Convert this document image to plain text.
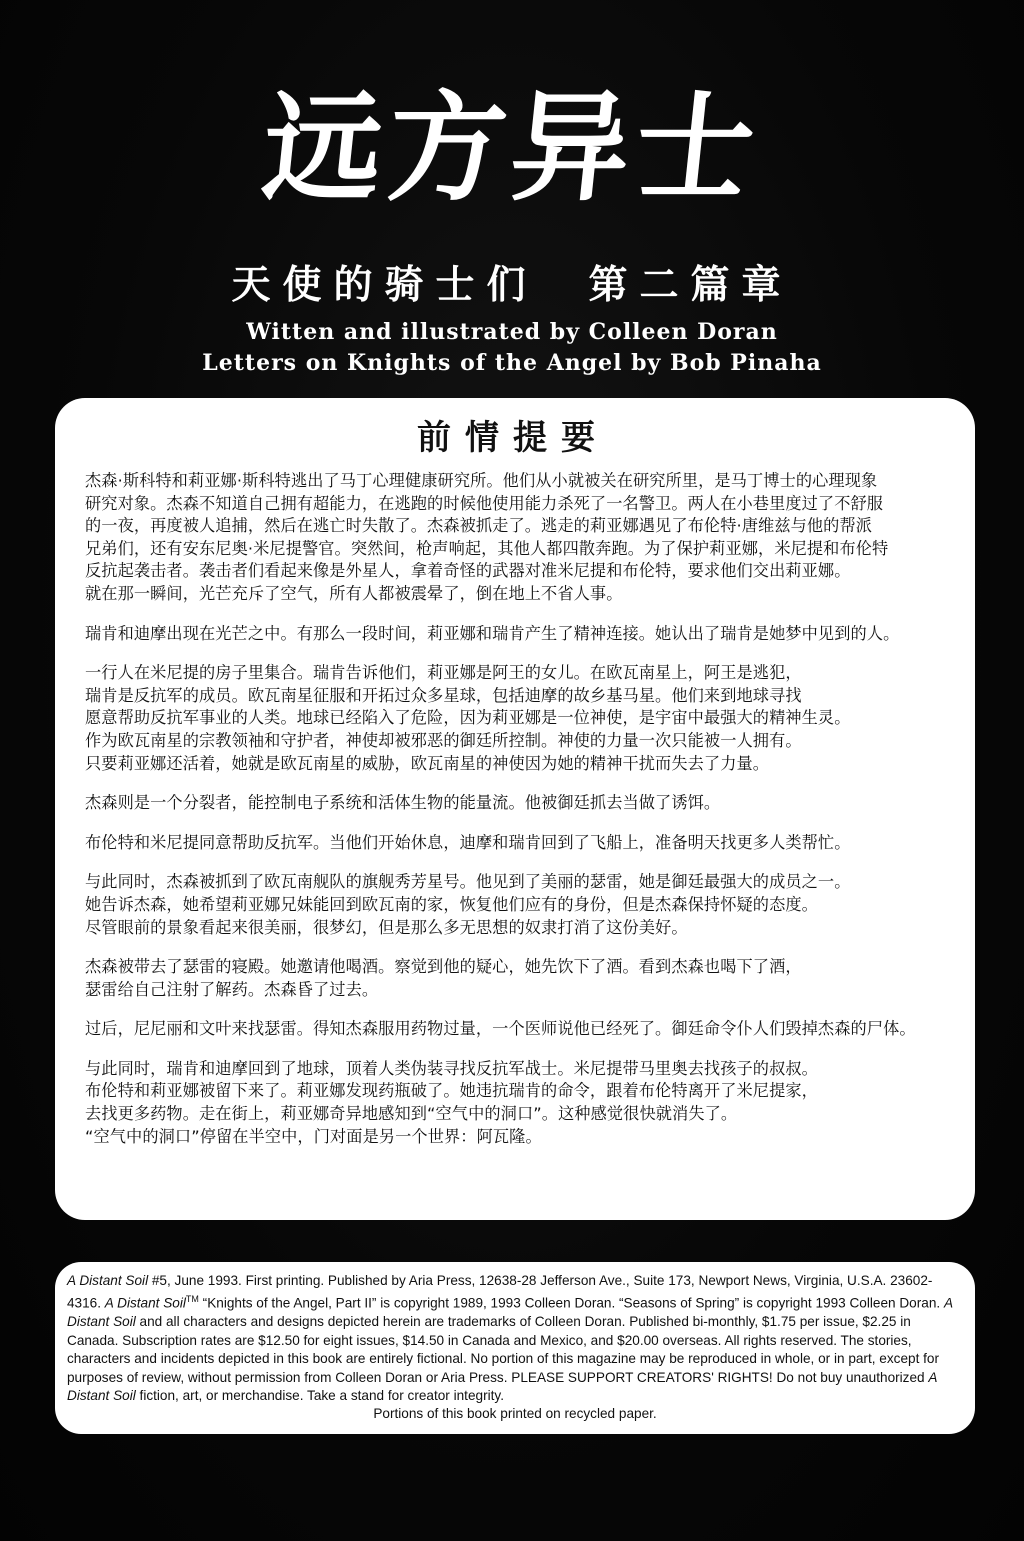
远方异士
天使的骑士们　第二篇章
Witten and illustrated by Colleen Doran
Letters on Knights of the Angel by Bob Pinaha
前情提要

杰森·斯科特和莉亚娜·斯科特逃出了马丁心理健康研究所。他们从小就被关在研究所里，是马丁博士的心理现象
研究对象。杰森不知道自己拥有超能力，在逃跑的时候他使用能力杀死了一名警卫。两人在小巷里度过了不舒服
的一夜，再度被人追捕，然后在逃亡时失散了。杰森被抓走了。逃走的莉亚娜遇见了布伦特·唐维兹与他的帮派
兄弟们，还有安东尼奥·米尼提警官。突然间，枪声响起，其他人都四散奔跑。为了保护莉亚娜，米尼提和布伦特
反抗起袭击者。袭击者们看起来像是外星人，拿着奇怪的武器对准米尼提和布伦特，要求他们交出莉亚娜。
就在那一瞬间，光芒充斥了空气，所有人都被震晕了，倒在地上不省人事。

瑞肯和迪摩出现在光芒之中。有那么一段时间，莉亚娜和瑞肯产生了精神连接。她认出了瑞肯是她梦中见到的人。

一行人在米尼提的房子里集合。瑞肯告诉他们，莉亚娜是阿王的女儿。在欧瓦南星上，阿王是逃犯，
瑞肯是反抗军的成员。欧瓦南星征服和开拓过众多星球，包括迪摩的故乡基马星。他们来到地球寻找
愿意帮助反抗军事业的人类。地球已经陷入了危险，因为莉亚娜是一位神使，是宇宙中最强大的精神生灵。
作为欧瓦南星的宗教领袖和守护者，神使却被邪恶的御廷所控制。神使的力量一次只能被一人拥有。
只要莉亚娜还活着，她就是欧瓦南星的威胁，欧瓦南星的神使因为她的精神干扰而失去了力量。

杰森则是一个分裂者，能控制电子系统和活体生物的能量流。他被御廷抓去当做了诱饵。

布伦特和米尼提同意帮助反抗军。当他们开始休息，迪摩和瑞肯回到了飞船上，准备明天找更多人类帮忙。

与此同时，杰森被抓到了欧瓦南舰队的旗舰秀芳星号。他见到了美丽的瑟雷，她是御廷最强大的成员之一。
她告诉杰森，她希望莉亚娜兄妹能回到欧瓦南的家，恢复他们应有的身份，但是杰森保持怀疑的态度。
尽管眼前的景象看起来很美丽，很梦幻，但是那么多无思想的奴隶打消了这份美好。

杰森被带去了瑟雷的寝殿。她邀请他喝酒。察觉到他的疑心，她先饮下了酒。看到杰森也喝下了酒，
瑟雷给自己注射了解药。杰森昏了过去。

过后，尼尼丽和文叶来找瑟雷。得知杰森服用药物过量，一个医师说他已经死了。御廷命令仆人们毁掉杰森的尸体。

与此同时，瑞肯和迪摩回到了地球，顶着人类伪装寻找反抗军战士。米尼提带马里奥去找孩子的叔叔。
布伦特和莉亚娜被留下来了。莉亚娜发现药瓶破了。她违抗瑞肯的命令，跟着布伦特离开了米尼提家，
去找更多药物。走在街上，莉亚娜奇异地感知到“空气中的洞口”。这种感觉很快就消失了。
“空气中的洞口”停留在半空中，门对面是另一个世界：阿瓦隆。

A Distant Soil #5, June 1993. First printing. Published by Aria Press, 12638-28 Jefferson Ave., Suite 173, Newport News, Virginia, U.S.A. 23602-4316. A Distant Soil™ “Knights of the Angel, Part II” is copyright 1989, 1993 Colleen Doran. “Seasons of Spring” is copyright 1993 Colleen Doran. A Distant Soil and all characters and designs depicted herein are trademarks of Colleen Doran. Published bi-monthly, $1.75 per issue, $2.25 in Canada. Subscription rates are $12.50 for eight issues, $14.50 in Canada and Mexico, and $20.00 overseas. All rights reserved. The stories, characters and incidents depicted in this book are entirely fictional. No portion of this magazine may be reproduced in whole, or in part, except for purposes of review, without permission from Colleen Doran or Aria Press. PLEASE SUPPORT CREATORS' RIGHTS! Do not buy unauthorized A Distant Soil fiction, art, or merchandise. Take a stand for creator integrity.

Portions of this book printed on recycled paper.
